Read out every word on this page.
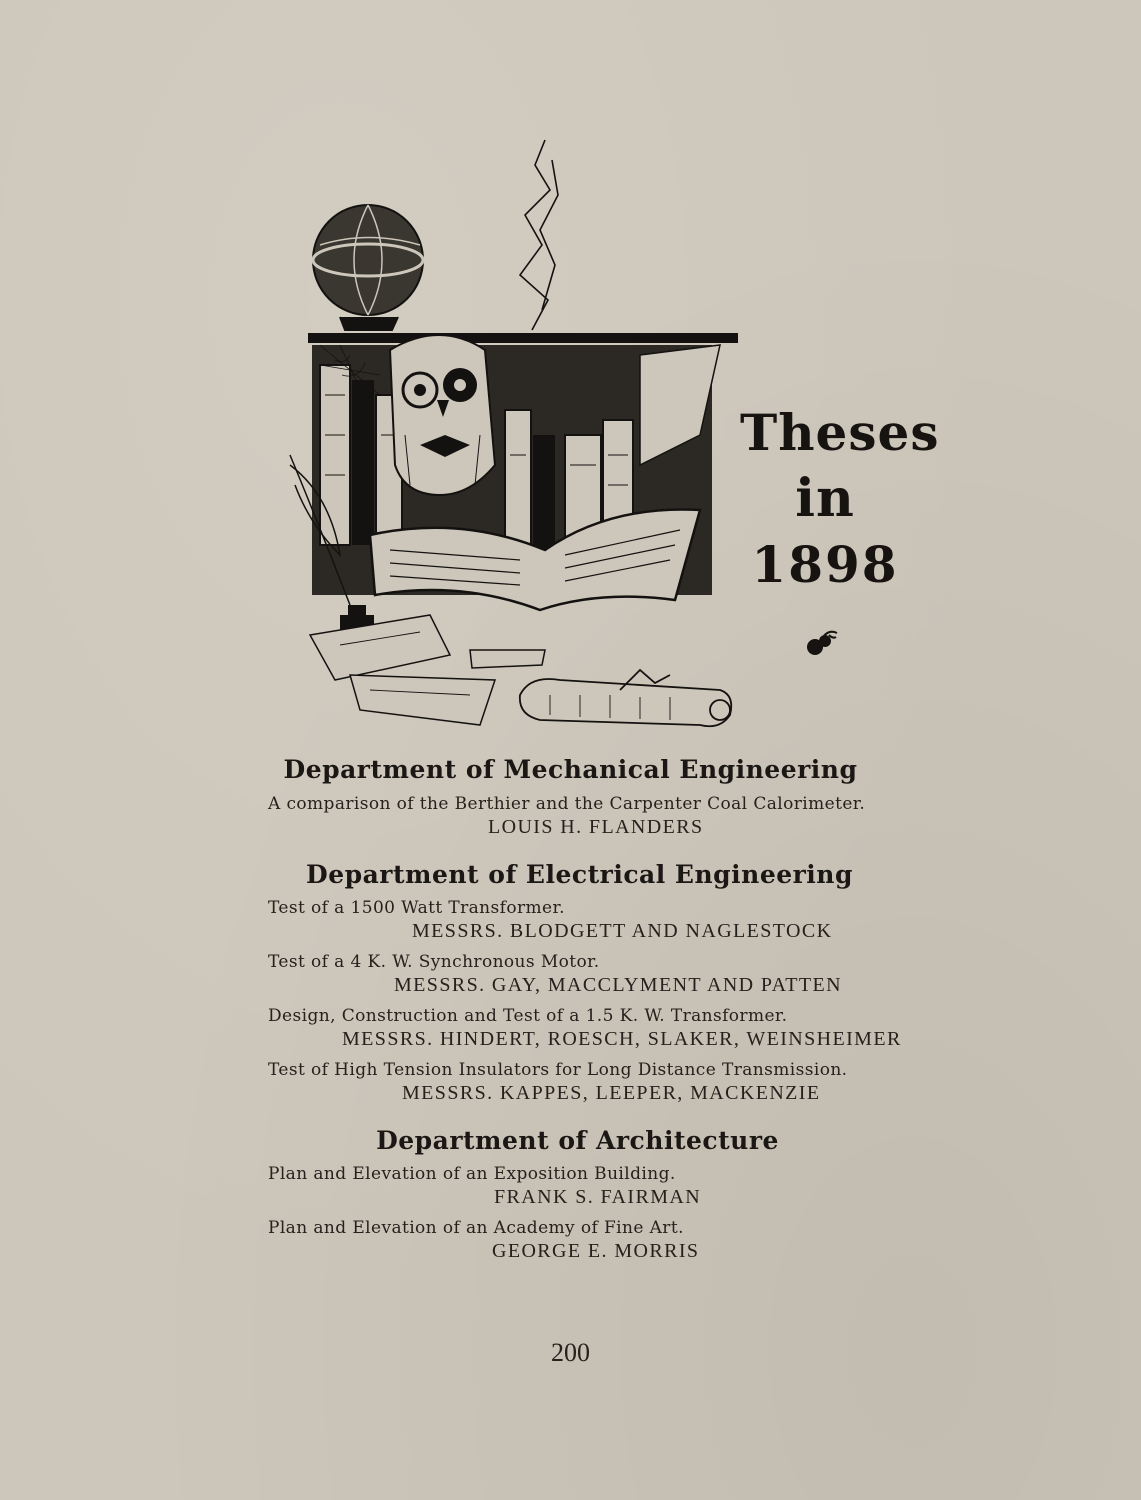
Theses
in
1898
Department of Mechanical Engineering
A comparison of the Berthier and the Carpenter Coal Calorimeter.
LOUIS H. FLANDERS
Department of Electrical Engineering
Test of a 1500 Watt Transformer.
MESSRS. BLODGETT AND NAGLESTOCK
Test of a 4 K. W. Synchronous Motor.
MESSRS. GAY, MACCLYMENT AND PATTEN
Design, Construction and Test of a 1.5 K. W. Transformer.
MESSRS. HINDERT, ROESCH, SLAKER, WEINSHEIMER
Test of High Tension Insulators for Long Distance Transmission.
MESSRS. KAPPES, LEEPER, MACKENZIE
Department of Architecture
Plan and Elevation of an Exposition Building.
FRANK S. FAIRMAN
Plan and Elevation of an Academy of Fine Art.
GEORGE E. MORRIS
200
